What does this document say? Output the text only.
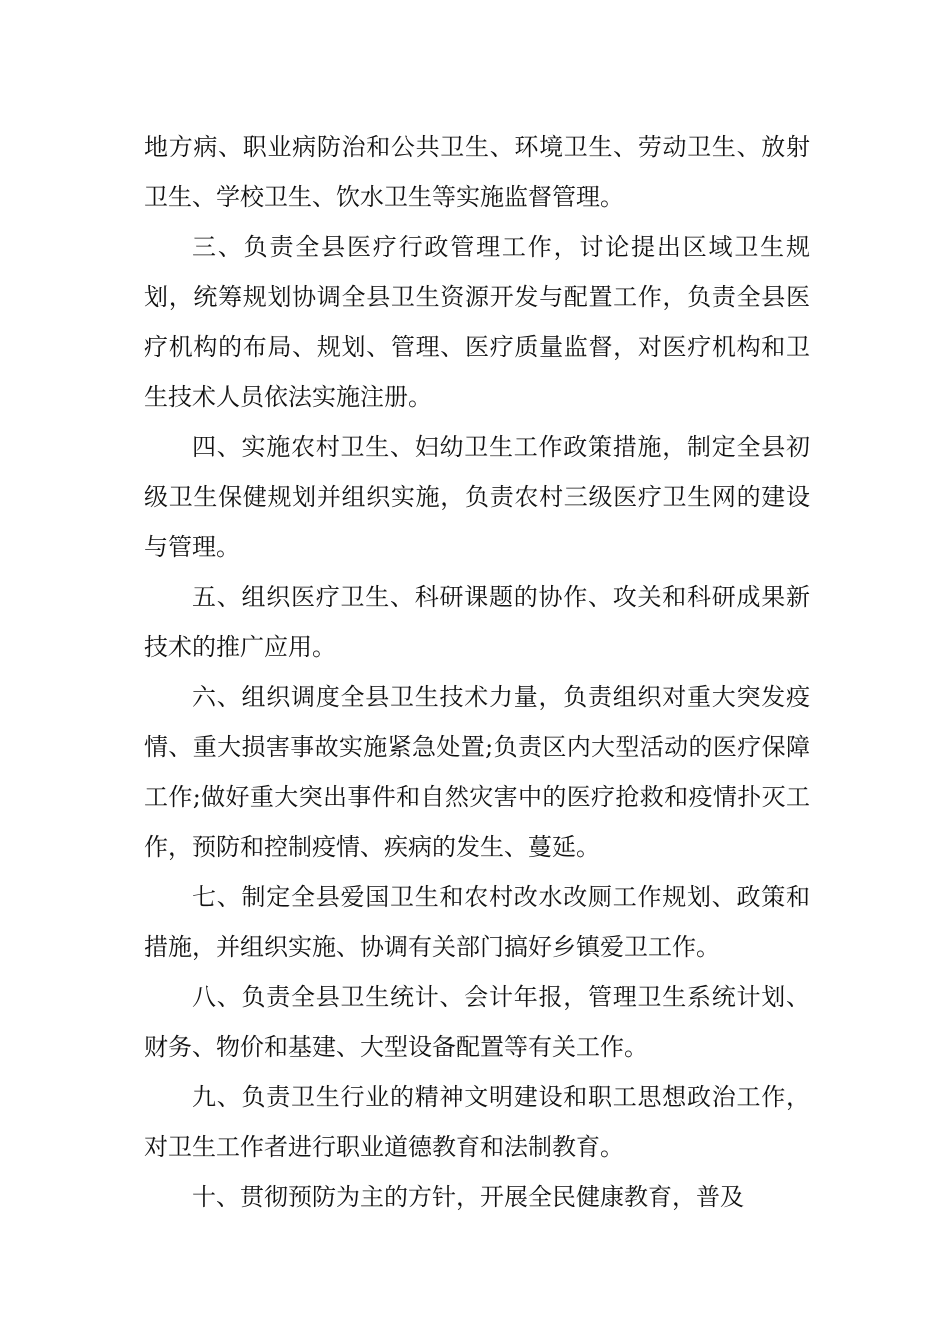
地方病、职业病防治和公共卫生、环境卫生、劳动卫生、放射卫生、学校卫生、饮水卫生等实施监督管理。

三、负责全县医疗行政管理工作，讨论提出区域卫生规划，统筹规划协调全县卫生资源开发与配置工作，负责全县医疗机构的布局、规划、管理、医疗质量监督，对医疗机构和卫生技术人员依法实施注册。

四、实施农村卫生、妇幼卫生工作政策措施，制定全县初级卫生保健规划并组织实施，负责农村三级医疗卫生网的建设与管理。

五、组织医疗卫生、科研课题的协作、攻关和科研成果新技术的推广应用。

六、组织调度全县卫生技术力量，负责组织对重大突发疫情、重大损害事故实施紧急处置;负责区内大型活动的医疗保障工作;做好重大突出事件和自然灾害中的医疗抢救和疫情扑灭工作，预防和控制疫情、疾病的发生、蔓延。

七、制定全县爱国卫生和农村改水改厕工作规划、政策和措施，并组织实施、协调有关部门搞好乡镇爱卫工作。

八、负责全县卫生统计、会计年报，管理卫生系统计划、财务、物价和基建、大型设备配置等有关工作。

九、负责卫生行业的精神文明建设和职工思想政治工作，对卫生工作者进行职业道德教育和法制教育。

十、贯彻预防为主的方针，开展全民健康教育，普及
